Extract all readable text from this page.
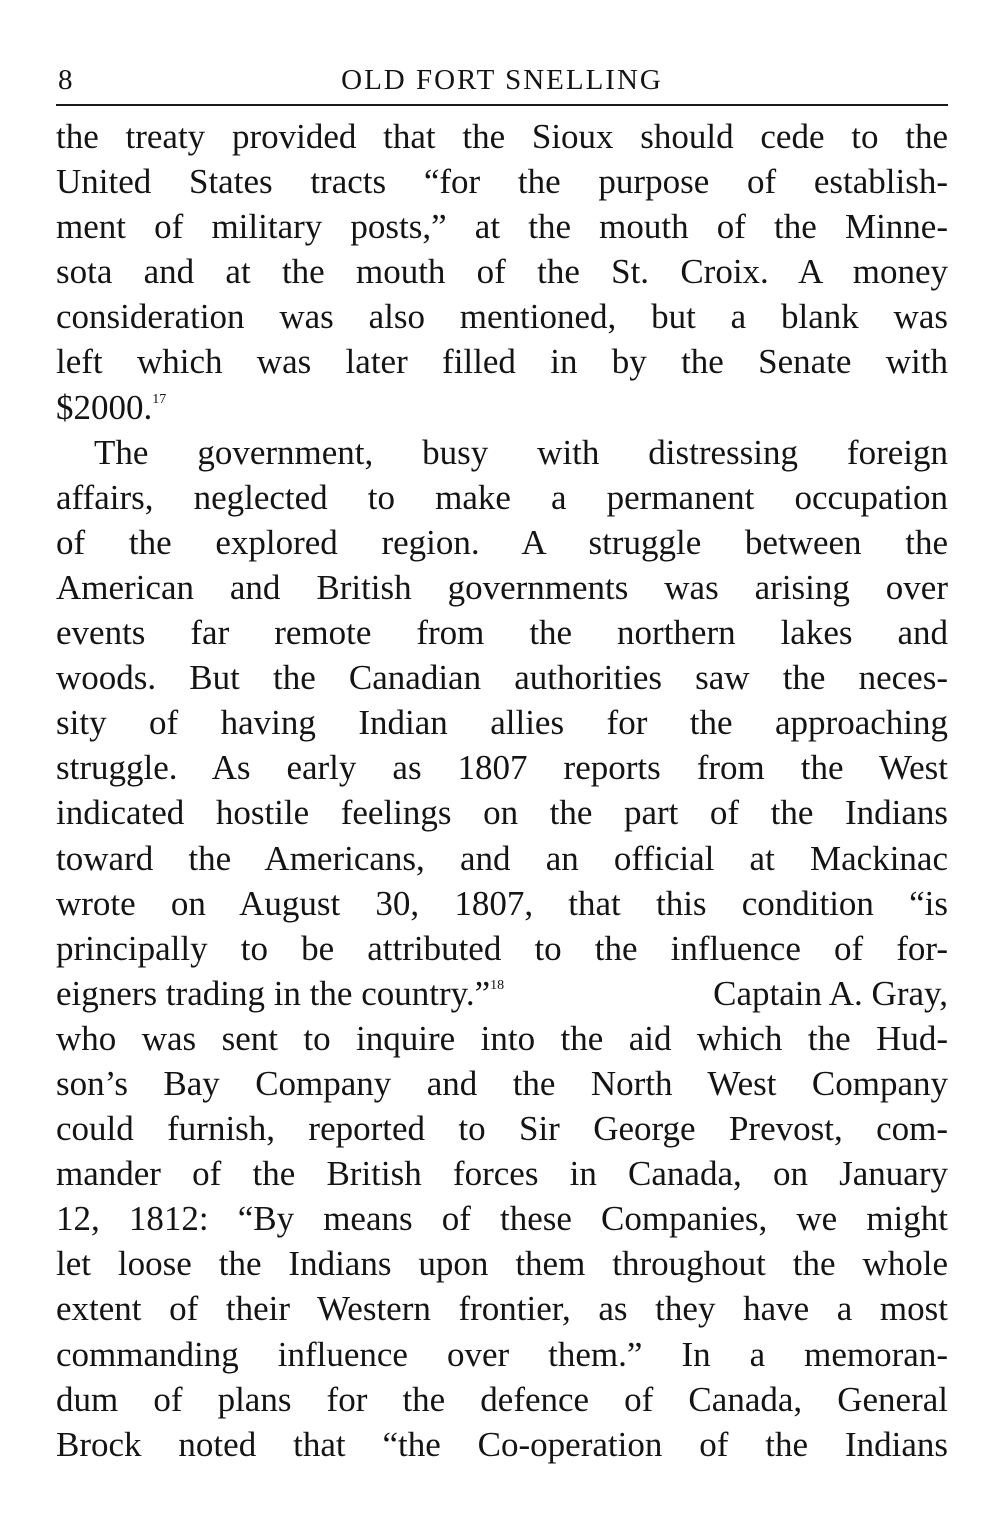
8	OLD FORT SNELLING
the treaty provided that the Sioux should cede to the
United States tracts “for the purpose of establish-
ment of military posts,” at the mouth of the Minne-
sota and at the mouth of the St. Croix. A money
consideration was also mentioned, but a blank was
left which was later filled in by the Senate with
$2000.17
The government, busy with distressing foreign
affairs, neglected to make a permanent occupation
of the explored region. A struggle between the
American and British governments was arising over
events far remote from the northern lakes and
woods. But the Canadian authorities saw the neces-
sity of having Indian allies for the approaching
struggle. As early as 1807 reports from the West
indicated hostile feelings on the part of the Indians
toward the Americans, and an official at Mackinac
wrote on August 30, 1807, that this condition “is
principally to be attributed to the influence of for-
eigners trading in the country.”$^{18}$	Captain A. Gray,
who was sent to inquire into the aid which the Hud-
son’s Bay Company and the North West Company
could furnish, reported to Sir George Prevost, com-
mander of the British forces in Canada, on January
12, 1812: “By means of these Companies, we might
let loose the Indians upon them throughout the whole
extent of their Western frontier, as they have a most
commanding influence over them.” In a memoran-
dum of plans for the defence of Canada, General
Brock noted that “the Co-operation of the Indians
